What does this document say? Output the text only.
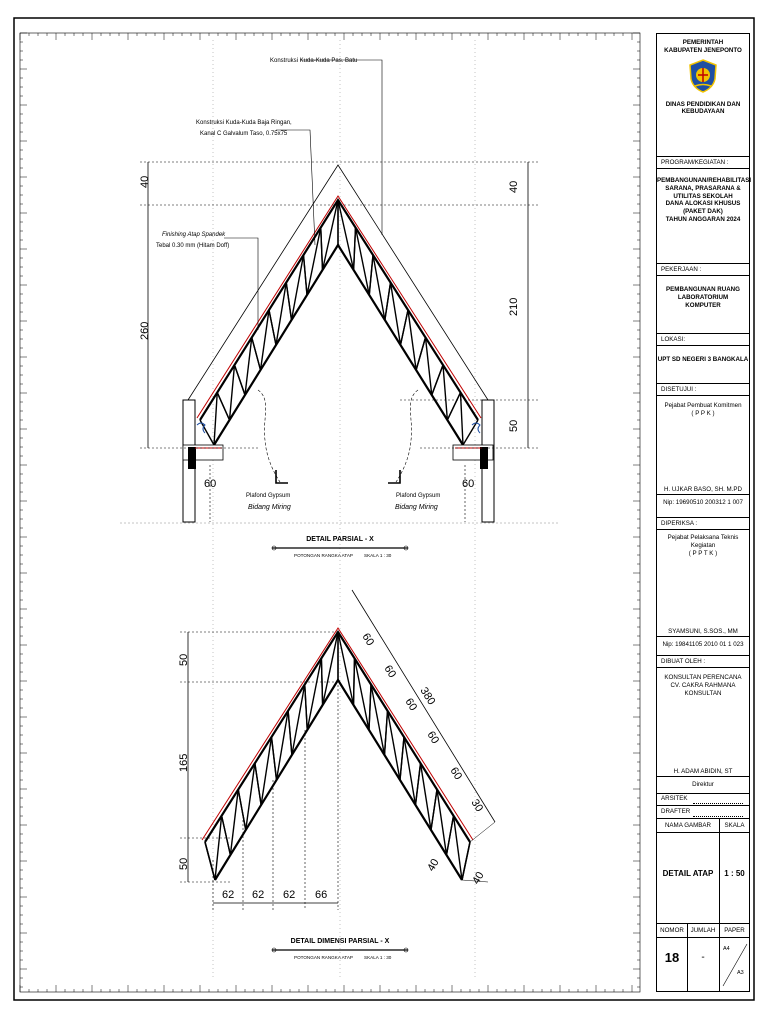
Konstruksi Kuda-Kuda Pas. Batu
Konstruksi Kuda-Kuda Baja Ringan,
Kanal C Galvalum Taso, 0.75x75
Finishing Atap Spandek
Tebal 0.30 mm (Hitam Doff)
Plafond Gypsum
Bidang Miring
Plafond Gypsum
Bidang Miring
40
260
60
40
210
50
60
DETAIL PARSIAL - X
POTONGAN RANGKA ATAP SKALA 1 : 30
50
165
50
62 62 62 66
380
60
60
60
60
60
30
40
40
DETAIL DIMENSI PARSIAL - X
POTONGAN RANGKA ATAP SKALA 1 : 30
PEMERINTAH
KABUPATEN JENEPONTO
DINAS PENDIDIKAN DAN
KEBUDAYAAN
PROGRAM/KEGIATAN :
PEMBANGUNAN/REHABILITASI
SARANA, PRASARANA &
UTILITAS SEKOLAH
DANA ALOKASI KHUSUS
(PAKET DAK)
TAHUN ANGGARAN 2024
PEKERJAAN :
PEMBANGUNAN RUANG
LABORATORIUM
KOMPUTER
LOKASI:
UPT SD NEGERI 3 BANGKALA
DISETUJUI :
Pejabat Pembuat Komitmen
( P P K )
H. UJKAR BASO, SH. M.PD
Nip: 19690510 200312 1 007
DIPERIKSA :
Pejabat Pelaksana Teknis Kegiatan
( P P T K )
SYAMSUNI, S.SOS., MM
Nip: 19841105 2010 01 1 023
DIBUAT OLEH :
KONSULTAN PERENCANA
CV. CAKRA RAHMANA KONSULTAN
H. ADAM ABIDIN, ST
Direktur
ARSITEK
DRAFTER
NAMA GAMBAR	SKALA
DETAIL ATAP	1 : 50
NOMOR	JUMLAH	PAPER
18	-
A4
A3
